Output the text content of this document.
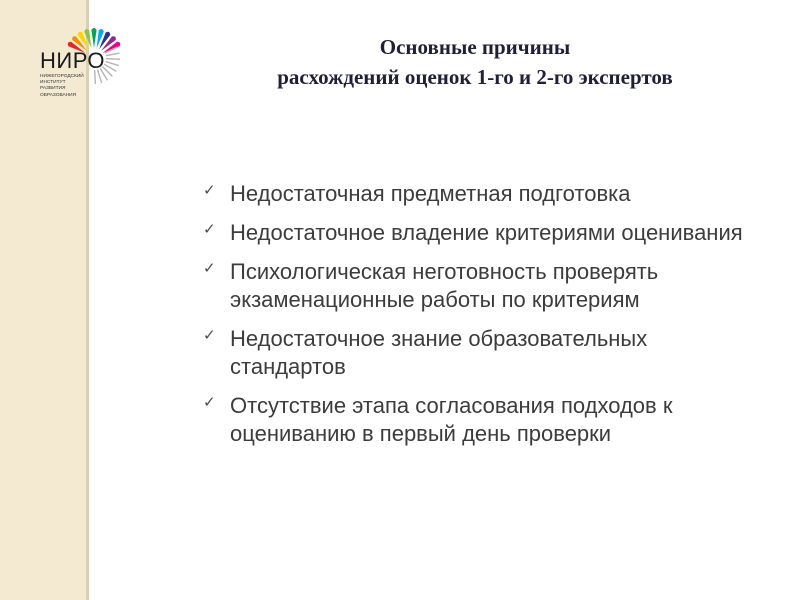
НИРО
НИЖЕГОРОДСКИЙ
ИНСТИТУТ
РАЗВИТИЯ
ОБРАЗОВАНИЯ
Основные причины
расхождений оценок 1-го и 2-го экспертов
✓ Недостаточная предметная подготовка
✓ Недостаточное владение критериями оценивания
✓ Психологическая неготовность проверять
экзаменационные работы по критериям
✓ Недостаточное знание образовательных
стандартов
✓ Отсутствие этапа согласования подходов к
оцениванию в первый день проверки
